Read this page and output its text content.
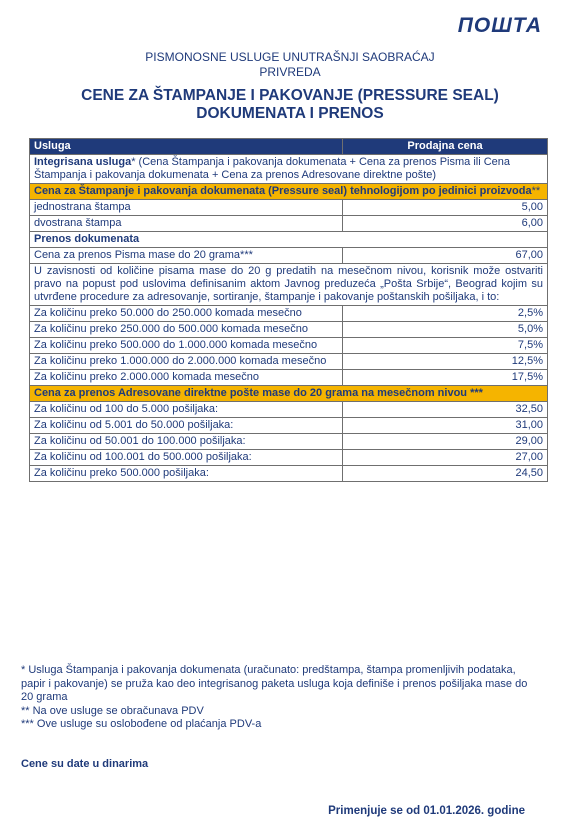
ПОШТА
PISMONOSNE USLUGE UNUTRAŠNJI SAOBRAĆAJ
PRIVREDA
CENE ZA ŠTAMPANJE I PAKOVANJE (PRESSURE SEAL)
DOKUMENATA I PRENOS
Usluga	Prodajna cena
Integrisana usluga* (Cena Štampanja i pakovanja dokumenata + Cena za prenos Pisma ili Cena Štampanja i pakovanja dokumenata + Cena za prenos Adresovane direktne pošte)	
Cena za Štampanje i pakovanja dokumenata (Pressure seal) tehnologijom po jedinici proizvoda**	
jednostrana štampa	5,00
dvostrana štampa	6,00
Prenos dokumenata	
Cena za prenos Pisma mase do 20 grama***	67,00
U zavisnosti od količine pisama mase do 20 g predatih na mesečnom nivou, korisnik može ostvariti pravo na popust pod uslovima definisanim aktom Javnog preduzeća „Pošta Srbije“, Beograd kojim su utvrđene procedure za adresovanje, sortiranje, štampanje i pakovanje poštanskih pošiljaka, i to:	
Za količinu preko 50.000 do 250.000 komada mesečno	2,5%
Za količinu preko 250.000 do 500.000 komada mesečno	5,0%
Za količinu preko 500.000 do 1.000.000 komada mesečno	7,5%
Za količinu preko 1.000.000 do 2.000.000 komada mesečno	12,5%
Za količinu preko 2.000.000 komada mesečno	17,5%
Cena za prenos Adresovane direktne pošte mase do 20 grama na mesečnom nivou ***	
Za količinu od 100 do 5.000 pošiljaka:	32,50
Za količinu od 5.001 do 50.000 pošiljaka:	31,00
Za količinu od 50.001 do 100.000 pošiljaka:	29,00
Za količinu od 100.001 do 500.000 pošiljaka:	27,00
Za količinu preko 500.000 pošiljaka:	24,50
* Usluga Štampanja i pakovanja dokumenata (uračunato: predštampa, štampa promenljivih podataka, papir i pakovanje) se pruža kao deo integrisanog paketa usluga koja definiše i prenos pošiljaka mase do 20 grama
** Na ove usluge se obračunava PDV
*** Ove usluge su oslobođene od plaćanja PDV-a
Cene su date u dinarima
Primenjuje se od 01.01.2026. godine
